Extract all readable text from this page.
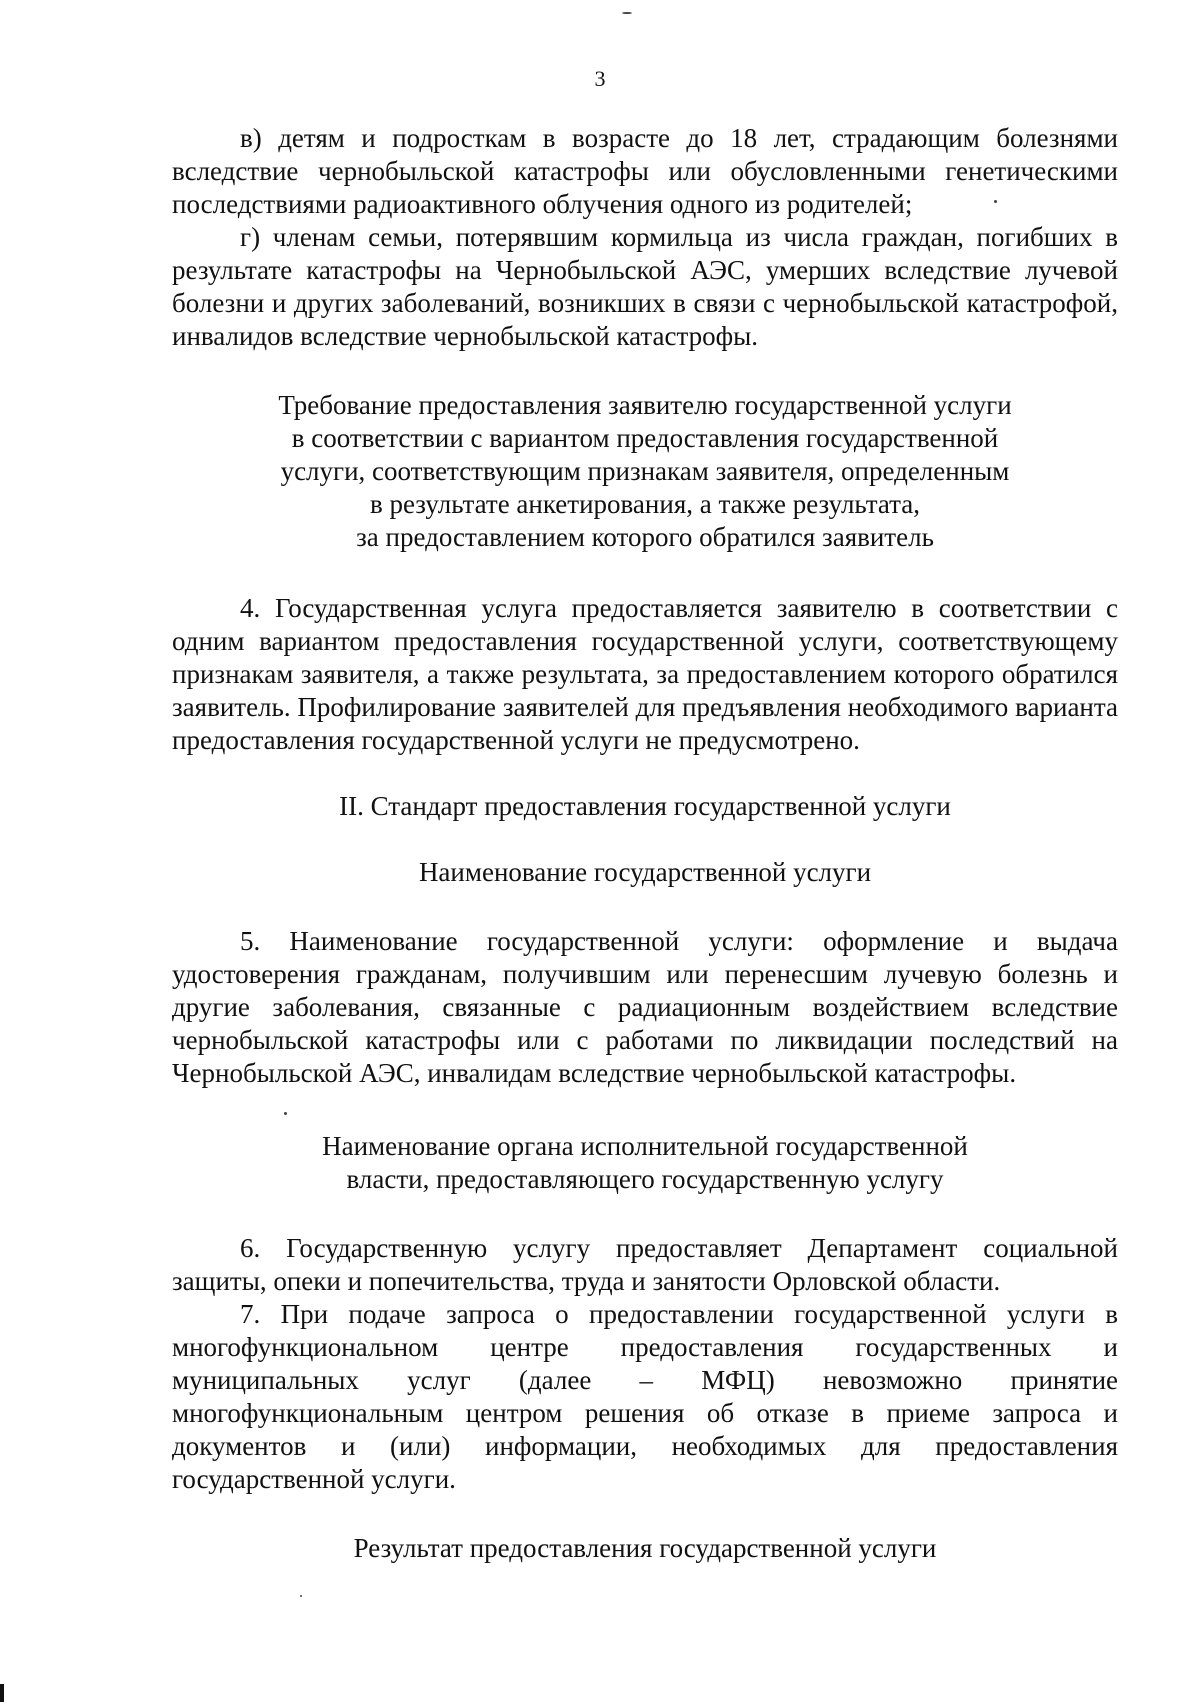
3

в) детям и подросткам в возрасте до 18 лет, страдающим болезнями вследствие чернобыльской катастрофы или обусловленными генетическими последствиями радиоактивного облучения одного из родителей;

г) членам семьи, потерявшим кормильца из числа граждан, погибших в результате катастрофы на Чернобыльской АЭС, умерших вследствие лучевой болезни и других заболеваний, возникших в связи с чернобыльской катастрофой, инвалидов вследствие чернобыльской катастрофы.

Требование предоставления заявителю государственной услуги
в соответствии с вариантом предоставления государственной
услуги, соответствующим признакам заявителя, определенным
в результате анкетирования, а также результата,
за предоставлением которого обратился заявитель

4. Государственная услуга предоставляется заявителю в соответствии с одним вариантом предоставления государственной услуги, соответствующему признакам заявителя, а также результата, за предоставлением которого обратился заявитель. Профилирование заявителей для предъявления необходимого варианта предоставления государственной услуги не предусмотрено.

II. Стандарт предоставления государственной услуги
Наименование государственной услуги

5. Наименование государственной услуги: оформление и выдача удостоверения гражданам, получившим или перенесшим лучевую болезнь и другие заболевания, связанные с радиационным воздействием вследствие чернобыльской катастрофы или с работами по ликвидации последствий на Чернобыльской АЭС, инвалидам вследствие чернобыльской катастрофы.

Наименование органа исполнительной государственной
власти, предоставляющего государственную услугу

6. Государственную услугу предоставляет Департамент социальной защиты, опеки и попечительства, труда и занятости Орловской области.

7. При подаче запроса о предоставлении государственной услуги в многофункциональном центре предоставления государственных и муниципальных услуг (далее – МФЦ) невозможно принятие многофункциональным центром решения об отказе в приеме запроса и документов и (или) информации, необходимых для предоставления государственной услуги.

Результат предоставления государственной услуги
